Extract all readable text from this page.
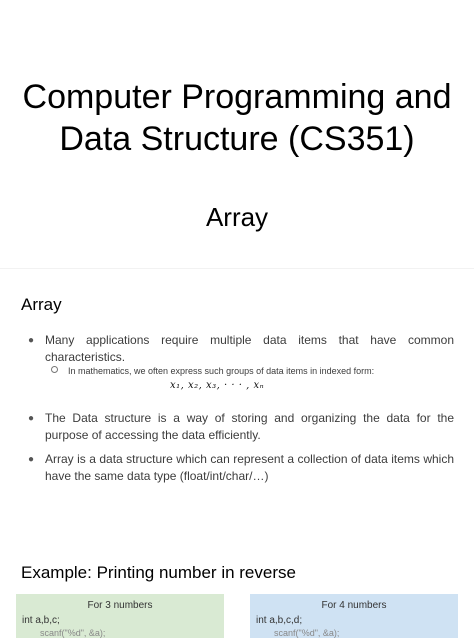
Computer Programming and
Data Structure (CS351)
Array
Array
● Many applications require multiple data items that have common characteristics.
In mathematics, we often express such groups of data items in indexed form:
x₁, x₂, x₃, · · · , xₙ
● The Data structure is a way of storing and organizing the data for the purpose of accessing the data efficiently.
● Array is a data structure which can represent a collection of data items which have the same data type (float/int/char/…)
Example: Printing number in reverse
For 3 numbers
int a,b,c;
scanf("%d", &a);
For 4 numbers
int a,b,c,d;
scanf("%d", &a);
